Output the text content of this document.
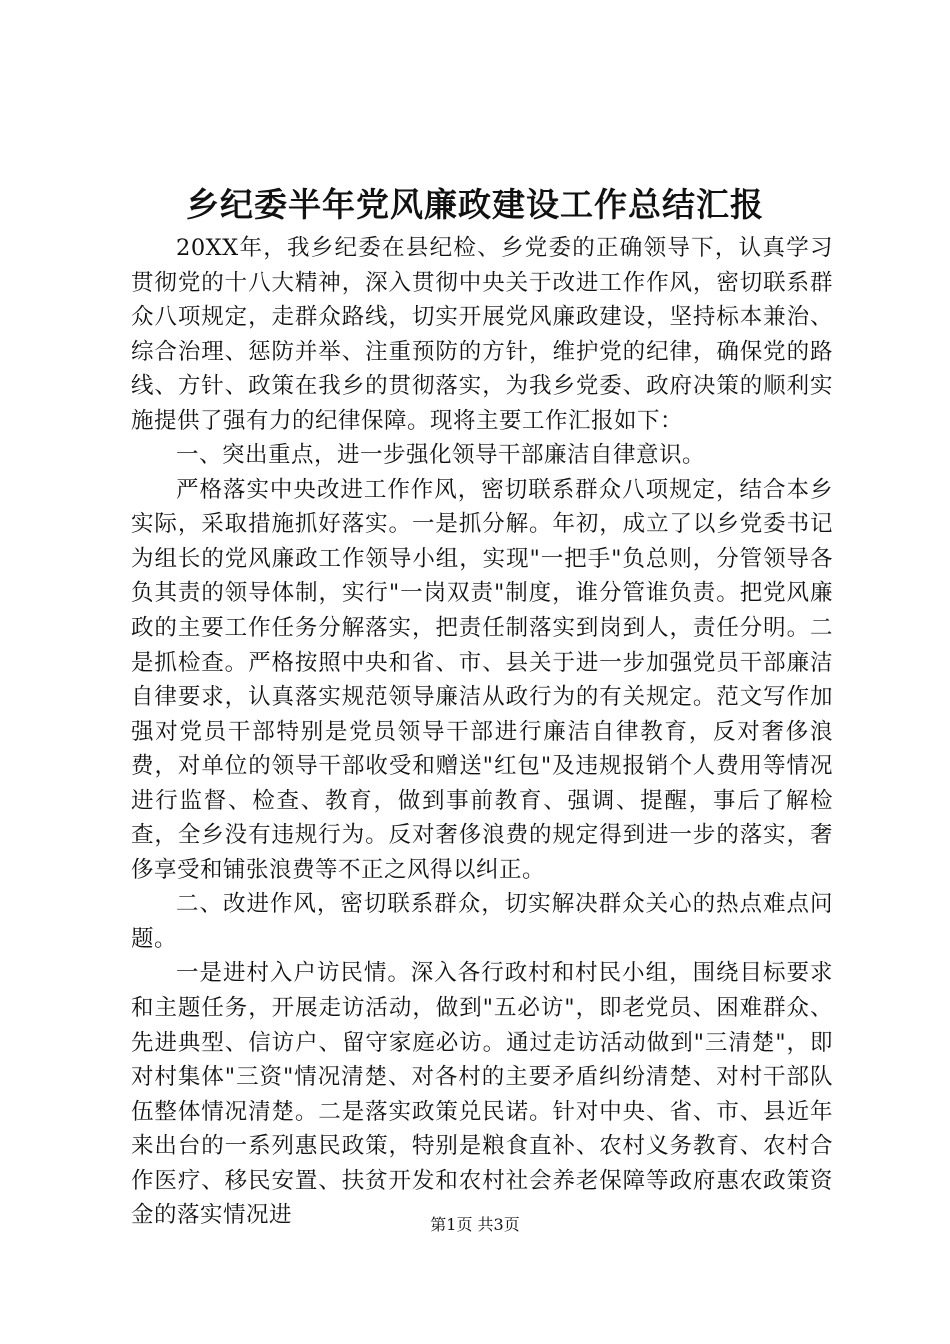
乡纪委半年党风廉政建设工作总结汇报

20XX年，我乡纪委在县纪检、乡党委的正确领导下，认真学习贯彻党的十八大精神，深入贯彻中央关于改进工作作风，密切联系群众八项规定，走群众路线，切实开展党风廉政建设，坚持标本兼治、综合治理、惩防并举、注重预防的方针，维护党的纪律，确保党的路线、方针、政策在我乡的贯彻落实，为我乡党委、政府决策的顺利实施提供了强有力的纪律保障。现将主要工作汇报如下：

一、突出重点，进一步强化领导干部廉洁自律意识。

严格落实中央改进工作作风，密切联系群众八项规定，结合本乡实际，采取措施抓好落实。一是抓分解。年初，成立了以乡党委书记为组长的党风廉政工作领导小组，实现"一把手"负总则，分管领导各负其责的领导体制，实行"一岗双责"制度，谁分管谁负责。把党风廉政的主要工作任务分解落实，把责任制落实到岗到人，责任分明。二是抓检查。严格按照中央和省、市、县关于进一步加强党员干部廉洁自律要求，认真落实规范领导廉洁从政行为的有关规定。范文写作加强对党员干部特别是党员领导干部进行廉洁自律教育，反对奢侈浪费，对单位的领导干部收受和赠送"红包"及违规报销个人费用等情况进行监督、检查、教育，做到事前教育、强调、提醒，事后了解检查，全乡没有违规行为。反对奢侈浪费的规定得到进一步的落实，奢侈享受和铺张浪费等不正之风得以纠正。

二、改进作风，密切联系群众，切实解决群众关心的热点难点问题。

一是进村入户访民情。深入各行政村和村民小组，围绕目标要求和主题任务，开展走访活动，做到"五必访"，即老党员、困难群众、先进典型、信访户、留守家庭必访。通过走访活动做到"三清楚"，即对村集体"三资"情况清楚、对各村的主要矛盾纠纷清楚、对村干部队伍整体情况清楚。二是落实政策兑民诺。针对中央、省、市、县近年来出台的一系列惠民政策，特别是粮食直补、农村义务教育、农村合作医疗、移民安置、扶贫开发和农村社会养老保障等政府惠农政策资金的落实情况进	第1页 共3页
